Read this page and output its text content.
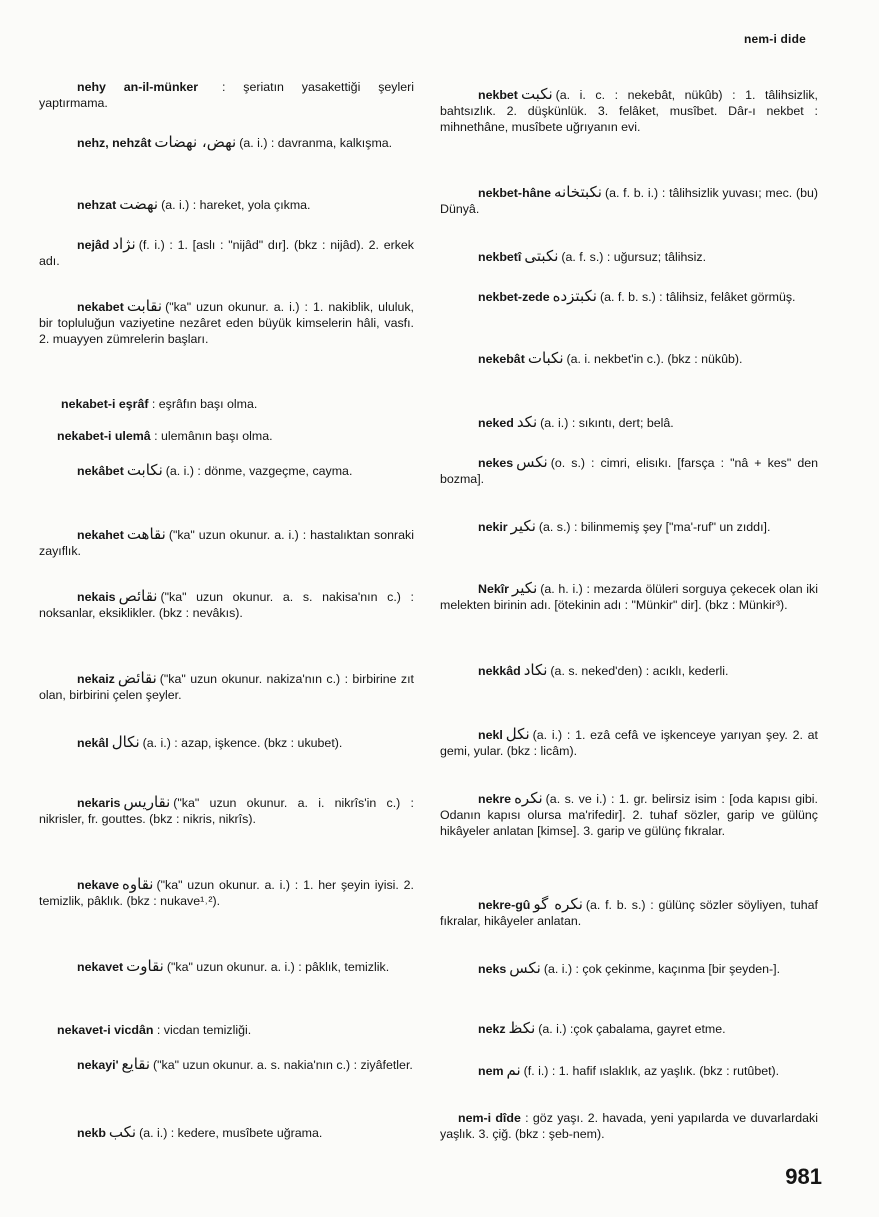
nem-i dide
nehy an-il-münker : şeriatın yasakettiği şeyleri yaptırmama.
nehz, nehzât نهض، نهضات (a. i.) : davranma, kalkışma.
nehzat نهضت (a. i.) : hareket, yola çıkma.
nejâd نژاد (f. i.) : 1. [aslı : "nijâd" dır]. (bkz : nijâd). 2. erkek adı.
nekabet نقابت ("ka" uzun okunur. a. i.) : 1. nakiblik, ululuk, bir topluluğun vaziyetine nezâret eden büyük kimselerin hâli, vasfı. 2. muayyen zümrelerin başları.
nekabet-i eşrâf : eşrâfın başı olma.
nekabet-i ulemâ : ulemânın başı olma.
nekâbet نكابت (a. i.) : dönme, vazgeçme, cayma.
nekahet نقاهت ("ka" uzun okunur. a. i.) : hastalıktan sonraki zayıflık.
nekais نقائص ("ka" uzun okunur. a. s. nakisa'nın c.) : noksanlar, eksiklikler. (bkz : nevâkıs).
nekaiz نقائض ("ka" uzun okunur. nakiza'nın c.) : birbirine zıt olan, birbirini çelen şeyler.
nekâl نكال (a. i.) : azap, işkence. (bkz : ukubet).
nekaris نقاريس ("ka" uzun okunur. a. i. nikrîs'in c.) : nikrisler, fr. gouttes. (bkz : nikris, nikrîs).
nekave نقاوه ("ka" uzun okunur. a. i.) : 1. her şeyin iyisi. 2. temizlik, pâklık. (bkz : nukave¹˒²).
nekavet نقاوت ("ka" uzun okunur. a. i.) : pâklık, temizlik.
nekavet-i vicdân : vicdan temizliği.
nekayi' نقايع ("ka" uzun okunur. a. s. nakia'nın c.) : ziyâfetler.
nekb نكب (a. i.) : kedere, musîbete uğrama.
nekbet نكبت (a. i. c. : nekebât, nükûb) : 1. tâlihsizlik, bahtsızlık. 2. düşkünlük. 3. felâket, musîbet. Dâr-ı nekbet : mihnethâne, musîbete uğrıyanın evi.
nekbet-hâne نكبتخانه (a. f. b. i.) : tâlihsizlik yuvası; mec. (bu) Dünyâ.
nekbetî نكبتى (a. f. s.) : uğursuz; tâlihsiz.
nekbet-zede نكبتزده (a. f. b. s.) : tâlihsiz, felâket görmüş.
nekebât نكبات (a. i. nekbet'in c.). (bkz : nükûb).
neked نكد (a. i.) : sıkıntı, dert; belâ.
nekes نكس (o. s.) : cimri, elisıkı. [farsça : "nâ + kes" den bozma].
nekir نكير (a. s.) : bilinmemiş şey ["ma'-ruf" un zıddı].
Nekîr نكير (a. h. i.) : mezarda ölüleri sorguya çekecek olan iki melekten birinin adı. [ötekinin adı : "Münkir" dir]. (bkz : Münkir³).
nekkâd نكاد (a. s. neked'den) : acıklı, kederli.
nekl نكل (a. i.) : 1. ezâ cefâ ve işkenceye yarıyan şey. 2. at gemi, yular. (bkz : licâm).
nekre نكره (a. s. ve i.) : 1. gr. belirsiz isim : [oda kapısı gibi. Odanın kapısı olursa ma'rifedir]. 2. tuhaf sözler, garip ve gülünç hikâyeler anlatan [kimse]. 3. garip ve gülünç fıkralar.
nekre-gû نكره گو (a. f. b. s.) : gülünç sözler söyliyen, tuhaf fıkralar, hikâyeler anlatan.
neks نكس (a. i.) : çok çekinme, kaçınma [bir şeyden-].
nekz نكظ (a. i.) :çok çabalama, gayret etme.
nem نم (f. i.) : 1. hafif ıslaklık, az yaşlık. (bkz : rutûbet).
nem-i dîde : göz yaşı. 2. havada, yeni yapılarda ve duvarlardaki yaşlık. 3. çiğ. (bkz : şeb-nem).
981
